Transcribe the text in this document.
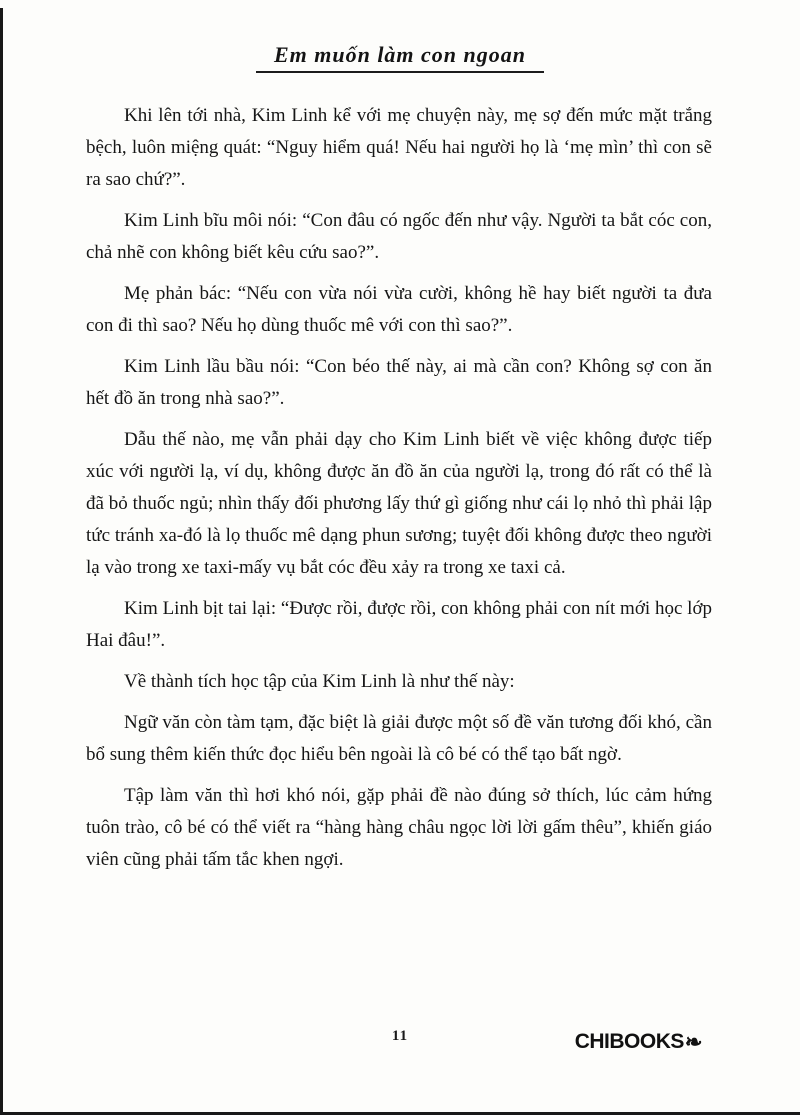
Em muốn làm con ngoan

Khi lên tới nhà, Kim Linh kể với mẹ chuyện này, mẹ sợ đến mức mặt trắng bệch, luôn miệng quát: “Nguy hiểm quá! Nếu hai người họ là ‘mẹ mìn’ thì con sẽ ra sao chứ?”.

Kim Linh bĩu môi nói: “Con đâu có ngốc đến như vậy. Người ta bắt cóc con, chả nhẽ con không biết kêu cứu sao?”.

Mẹ phản bác: “Nếu con vừa nói vừa cười, không hề hay biết người ta đưa con đi thì sao? Nếu họ dùng thuốc mê với con thì sao?”.

Kim Linh lầu bầu nói: “Con béo thế này, ai mà cần con? Không sợ con ăn hết đồ ăn trong nhà sao?”.

Dẫu thế nào, mẹ vẫn phải dạy cho Kim Linh biết về việc không được tiếp xúc với người lạ, ví dụ, không được ăn đồ ăn của người lạ, trong đó rất có thể là đã bỏ thuốc ngủ; nhìn thấy đối phương lấy thứ gì giống như cái lọ nhỏ thì phải lập tức tránh xa-đó là lọ thuốc mê dạng phun sương; tuyệt đối không được theo người lạ vào trong xe taxi-mấy vụ bắt cóc đều xảy ra trong xe taxi cả.

Kim Linh bịt tai lại: “Được rồi, được rồi, con không phải con nít mới học lớp Hai đâu!”.

Về thành tích học tập của Kim Linh là như thế này:

Ngữ văn còn tàm tạm, đặc biệt là giải được một số đề văn tương đối khó, cần bổ sung thêm kiến thức đọc hiểu bên ngoài là cô bé có thể tạo bất ngờ.

Tập làm văn thì hơi khó nói, gặp phải đề nào đúng sở thích, lúc cảm hứng tuôn trào, cô bé có thể viết ra “hàng hàng châu ngọc lời lời gấm thêu”, khiến giáo viên cũng phải tấm tắc khen ngợi.

11	CHIBOOKS ❧
